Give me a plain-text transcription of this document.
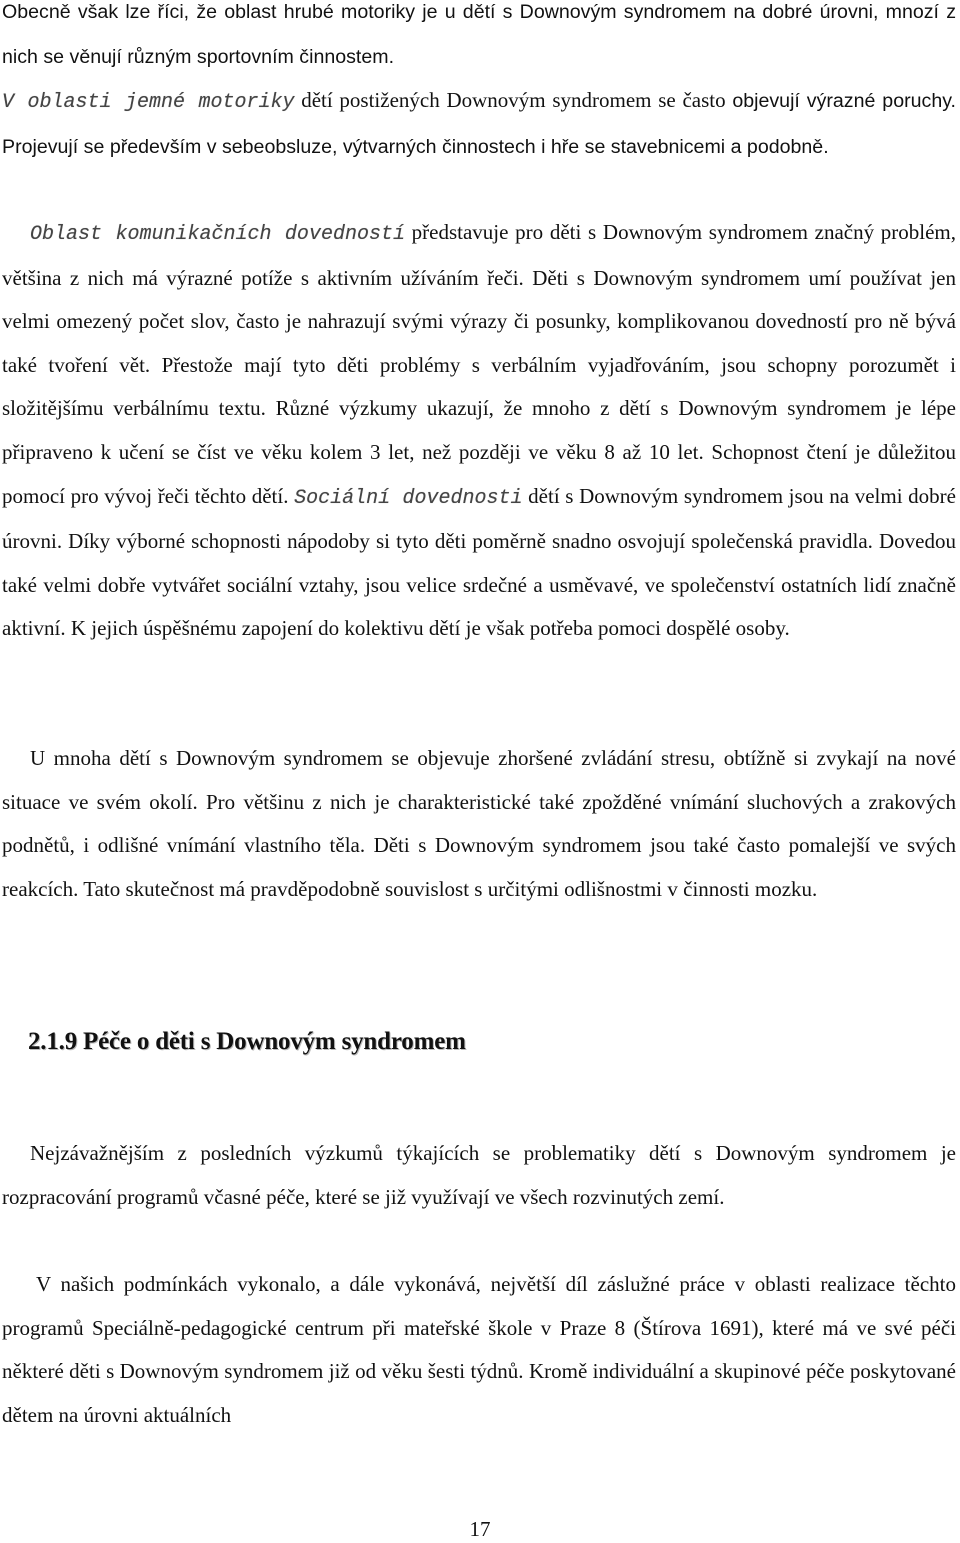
Obecně však lze říci, že oblast hrubé motoriky je u dětí s Downovým syndromem na dobré úrovni, mnozí z nich se věnují různým sportovním činnostem.
V oblasti jemné motoriky dětí postižených Downovým syndromem se často objevují výrazné poruchy. Projevují se především v sebeobsluze, výtvarných činnostech i hře se stavebnicemi a podobně.

Oblast komunikačních dovedností představuje pro děti s Downovým syndromem značný problém, většina z nich má výrazné potíže s aktivním užíváním řeči. Děti s Downovým syndromem umí používat jen velmi omezený počet slov, často je nahrazují svými výrazy či posunky, komplikovanou dovedností pro ně bývá také tvoření vět. Přestože mají tyto děti problémy s verbálním vyjadřováním, jsou schopny porozumět i složitějšímu verbálnímu textu. Různé výzkumy ukazují, že mnoho z dětí s Downovým syndromem je lépe připraveno k učení se číst ve věku kolem 3 let, než později ve věku 8 až 10 let. Schopnost čtení je důležitou pomocí pro vývoj řeči těchto dětí. Sociální dovednosti dětí s Downovým syndromem jsou na velmi dobré úrovni. Díky výborné schopnosti nápodoby si tyto děti poměrně snadno osvojují společenská pravidla. Dovedou také velmi dobře vytvářet sociální vztahy, jsou velice srdečné a usměvavé, ve společenství ostatních lidí značně aktivní. K jejich úspěšnému zapojení do kolektivu dětí je však potřeba pomoci dospělé osoby.

U mnoha dětí s Downovým syndromem se objevuje zhoršené zvládání stresu, obtížně si zvykají na nové situace ve svém okolí. Pro většinu z nich je charakteristické také zpožděné vnímání sluchových a zrakových podnětů, i odlišné vnímání vlastního těla. Děti s Downovým syndromem jsou také často pomalejší ve svých reakcích. Tato skutečnost má pravděpodobně souvislost s určitými odlišnostmi v činnosti mozku.

2.1.9 Péče o děti s Downovým syndromem

Nejzávažnějším z posledních výzkumů týkajících se problematiky dětí s Downovým syndromem je rozpracování programů včasné péče, které se již využívají ve všech rozvinutých zemí.

V našich podmínkách vykonalo, a dále vykonává, největší díl záslužné práce v oblasti realizace těchto programů Speciálně-pedagogické centrum při mateřské škole v Praze 8 (Štírova 1691), které má ve své péči některé děti s Downovým syndromem již od věku šesti týdnů. Kromě individuální a skupinové péče poskytované dětem na úrovni aktuálních

17
